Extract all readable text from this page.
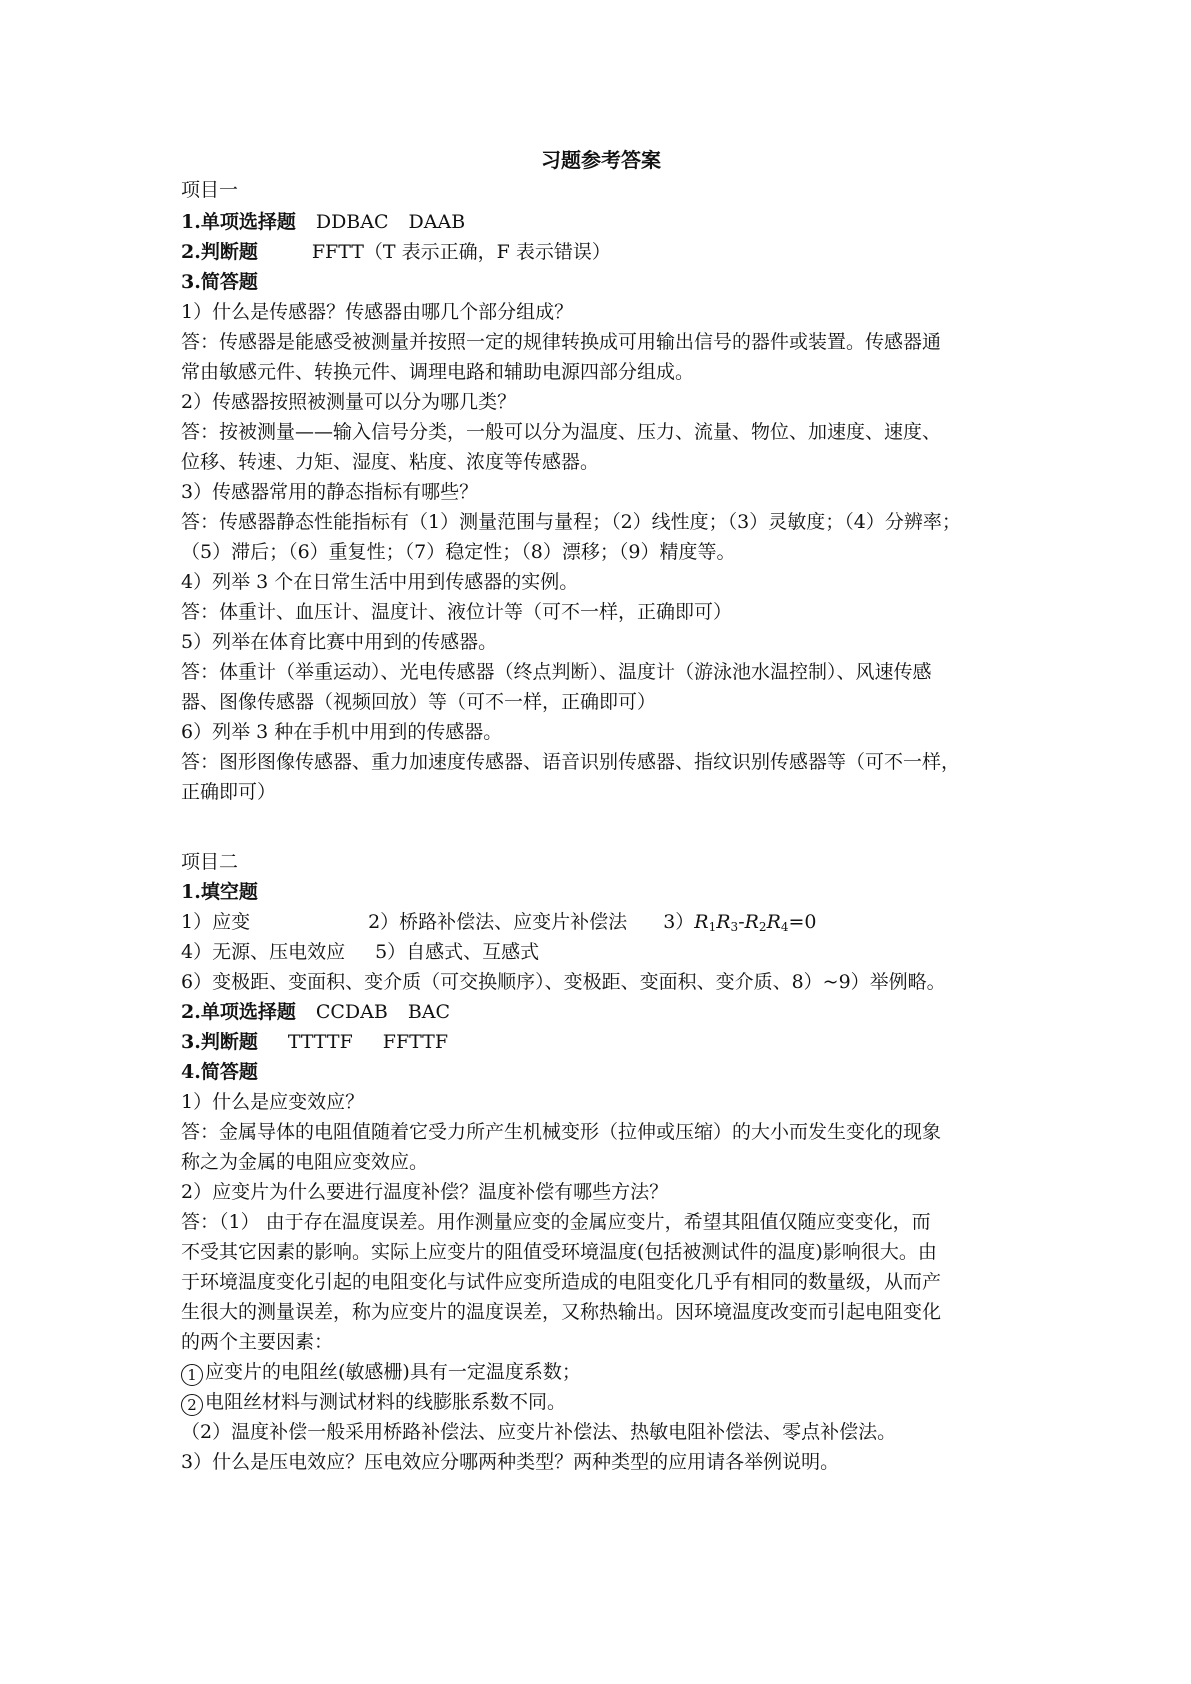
习题参考答案
项目一
1.单项选择题 DDBAC DAAB
2.判断题	FFTT（T 表示正确，F 表示错误）
3.简答题
1）什么是传感器？传感器由哪几个部分组成？
答：传感器是能感受被测量并按照一定的规律转换成可用输出信号的器件或装置。传感器通
常由敏感元件、转换元件、调理电路和辅助电源四部分组成。
2）传感器按照被测量可以分为哪几类？
答：按被测量——输入信号分类，一般可以分为温度、压力、流量、物位、加速度、速度、
位移、转速、力矩、湿度、粘度、浓度等传感器。
3）传感器常用的静态指标有哪些？
答：传感器静态性能指标有（1）测量范围与量程；（2）线性度；（3）灵敏度；（4）分辨率；
（5）滞后；（6）重复性；（7）稳定性；（8）漂移；（9）精度等。
4）列举 3 个在日常生活中用到传感器的实例。
答：体重计、血压计、温度计、液位计等（可不一样，正确即可）
5）列举在体育比赛中用到的传感器。
答：体重计（举重运动）、光电传感器（终点判断）、温度计（游泳池水温控制）、风速传感
器、图像传感器（视频回放）等（可不一样，正确即可）
6）列举 3 种在手机中用到的传感器。
答：图形图像传感器、重力加速度传感器、语音识别传感器、指纹识别传感器等（可不一样，
正确即可）
项目二
1.填空题
1）应变	2）桥路补偿法、应变片补偿法 $3)R_1R_3-R_2R_4=0$
4）无源、压电效应 5）自感式、互感式
6）变极距、变面积、变介质（可交换顺序）、变极距、变面积、变介质、8）~9）举例略。
2.单项选择题 CCDAB BAC
3.判断题 TTTTF FFTTF
4.简答题
1）什么是应变效应？
答：金属导体的电阻值随着它受力所产生机械变形（拉伸或压缩）的大小而发生变化的现象
称之为金属的电阻应变效应。
2）应变片为什么要进行温度补偿？温度补偿有哪些方法？
答：（1） 由于存在温度误差。用作测量应变的金属应变片，希望其阻值仅随应变变化，而
不受其它因素的影响。实际上应变片的阻值受环境温度(包括被测试件的温度)影响很大。由
于环境温度变化引起的电阻变化与试件应变所造成的电阻变化几乎有相同的数量级，从而产
生很大的测量误差，称为应变片的温度误差，又称热输出。因环境温度改变而引起电阻变化
的两个主要因素：
1 应变片的电阻丝(敏感栅)具有一定温度系数；
2 电阻丝材料与测试材料的线膨胀系数不同。
（2）温度补偿一般采用桥路补偿法、应变片补偿法、热敏电阻补偿法、零点补偿法。
3）什么是压电效应？压电效应分哪两种类型？两种类型的应用请各举例说明。
